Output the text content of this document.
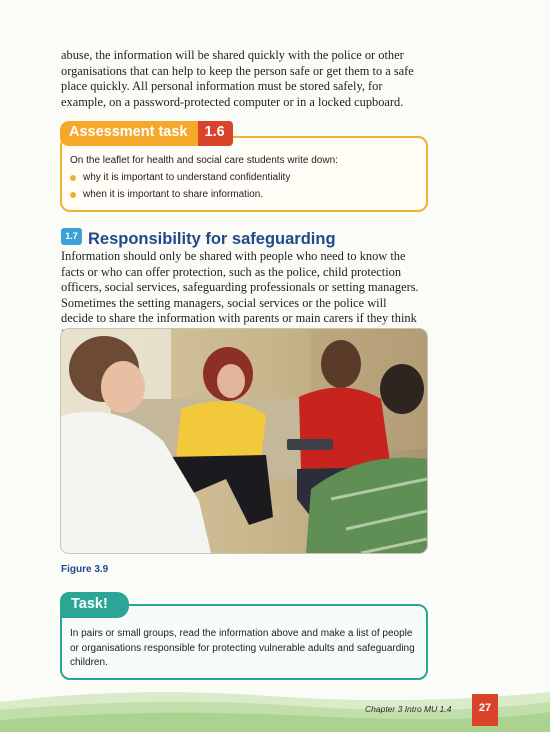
abuse, the information will be shared quickly with the police or other organisations that can help to keep the person safe or get them to a safe place quickly. All personal information must be stored safely, for example, on a password-protected computer or in a locked cupboard.

Assessment task	1.6

On the leaflet for health and social care students write down:

why it is important to understand confidentiality

when it is important to share information.

1.7 Responsibility for safeguarding

Information should only be shared with people who need to know the facts or who can offer protection, such as the police, child protection officers, social services, safeguarding professionals or setting managers. Sometimes the setting managers, social services or the police will decide to share the information with parents or main carers if they think

Figure 3.9

Task!

In pairs or small groups, read the information above and make a list of people or organisations responsible for protecting vulnerable adults and safeguarding children.

Chapter 3 Intro MU 1.4	27
